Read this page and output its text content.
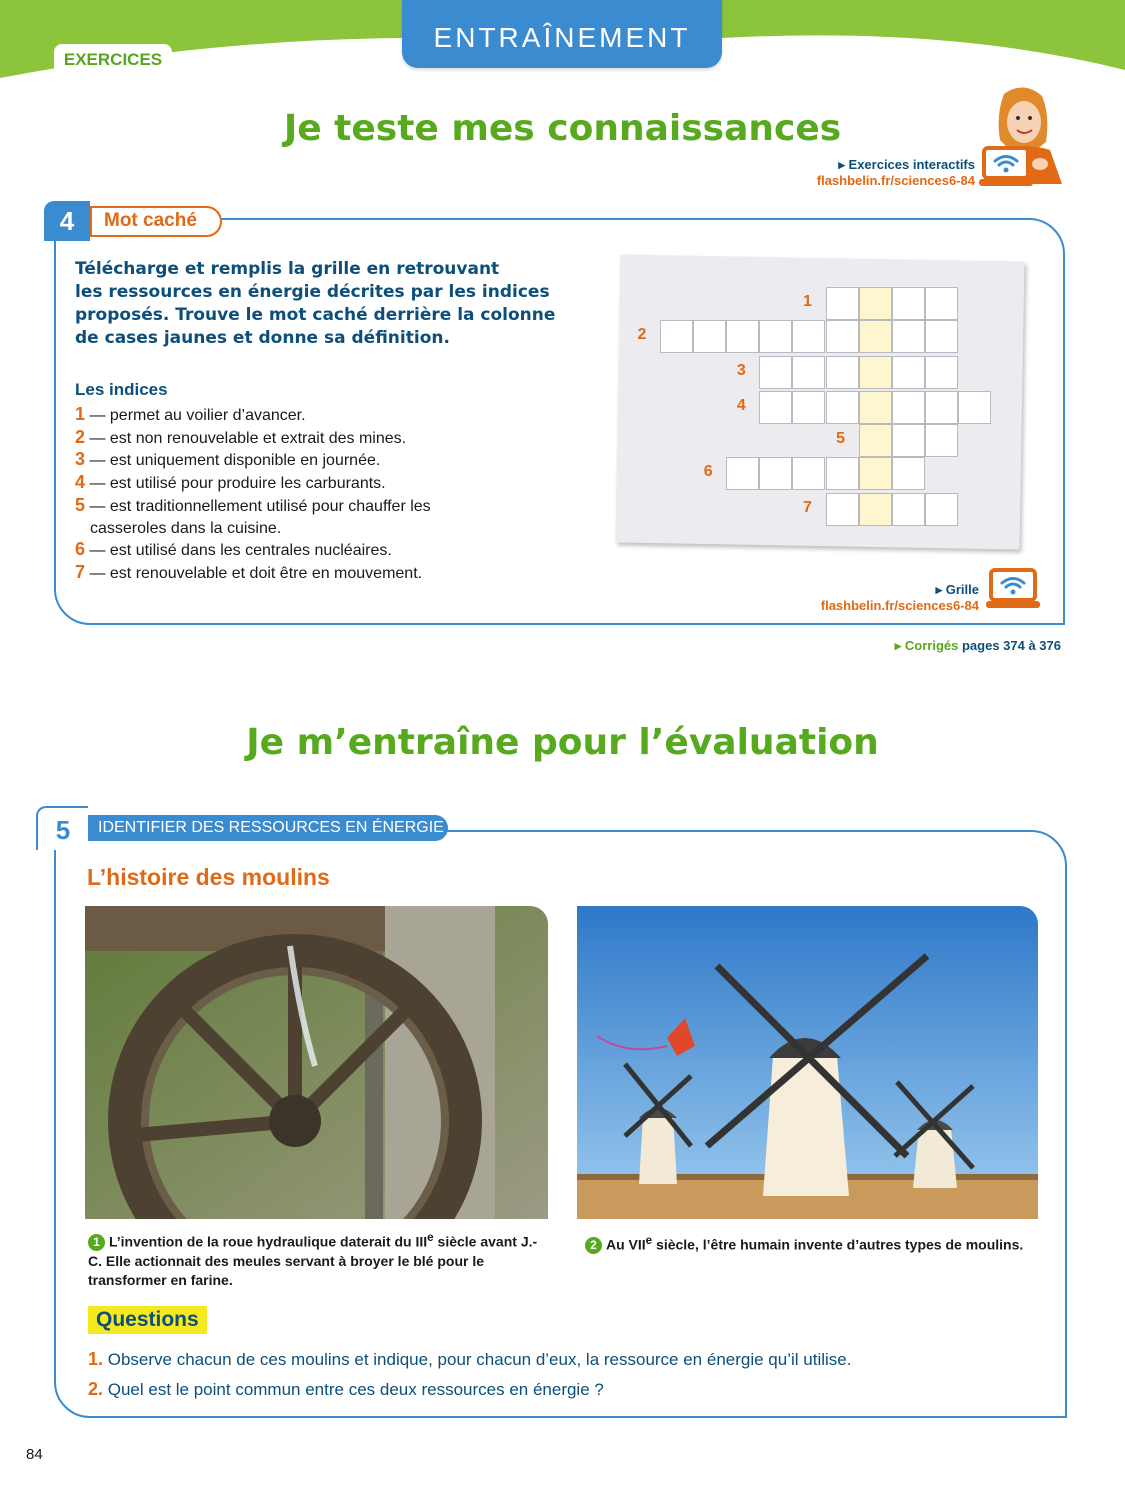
EXERCICES
ENTRAÎNEMENT
Je teste mes connaissances
▸ Exercices interactifs
flashbelin.fr/sciences6-84
4	Mot caché
Télécharge et remplis la grille en retrouvant
les ressources en énergie décrites par les indices
proposés. Trouve le mot caché derrière la colonne
de cases jaunes et donne sa définition.
Les indices
1 — permet au voilier d’avancer.
2 — est non renouvelable et extrait des mines.
3 — est uniquement disponible en journée.
4 — est utilisé pour produire les carburants.
5 — est traditionnellement utilisé pour chauffer les
casseroles dans la cuisine.
6 — est utilisé dans les centrales nucléaires.
7 — est renouvelable et doit être en mouvement.
1
2
3
4
5
6
7
▸ Grille
flashbelin.fr/sciences6-84
▸ Corrigés pages 374 à 376
Je m’entraîne pour l’évaluation
5	IDENTIFIER DES RESSOURCES EN ÉNERGIE
L’histoire des moulins
1 L’invention de la roue hydraulique daterait du IIIe siècle avant J.-C. Elle actionnait des meules servant à broyer le blé pour le transformer en farine.
2 Au VIIe siècle, l’être humain invente d’autres types de moulins.
Questions
1. Observe chacun de ces moulins et indique, pour chacun d’eux, la ressource en énergie qu’il utilise.
2. Quel est le point commun entre ces deux ressources en énergie ?
84
